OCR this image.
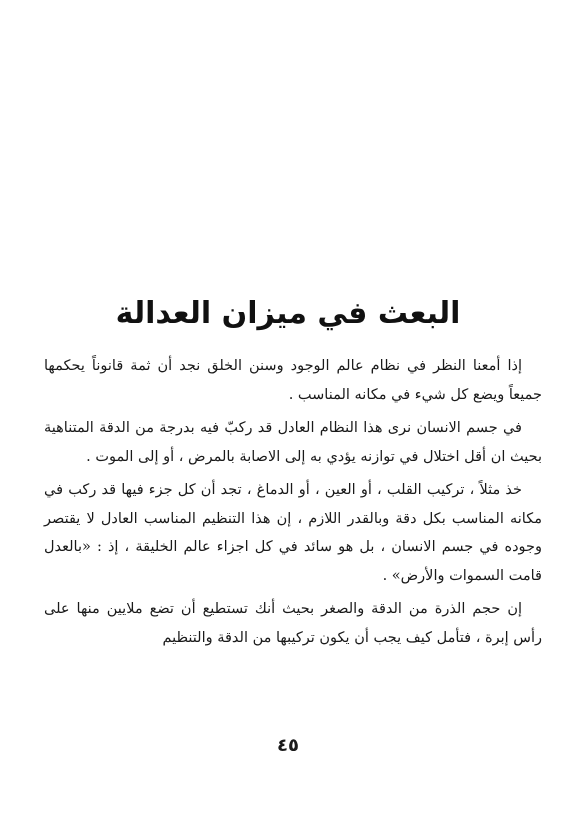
البعث في ميزان العدالة

إذا أمعنا النظر في نظام عالم الوجود وسنن الخلق نجد أن ثمة قانوناً يحكمها جميعاً ويضع كل شيء في مكانه المناسب .

في جسم الانسان نرى هذا النظام العادل قد ركبّ فيه بدرجة من الدقة المتناهية بحيث ان أقل اختلال في توازنه يؤدي به إلى الاصابة بالمرض ، أو إلى الموت .

خذ مثلاً ، تركيب القلب ، أو العين ، أو الدماغ ، تجد أن كل جزء فيها قد ركب في مكانه المناسب بكل دقة وبالقدر اللازم ، إن هذا التنظيم المناسب العادل لا يقتصر وجوده في جسم الانسان ، بل هو سائد في كل اجزاء عالم الخليقة ، إذ : «بالعدل قامت السموات والأرض» .

إن حجم الذرة من الدقة والصغر بحيث أنك تستطيع أن تضع ملايين منها على رأس إبرة ، فتأمل كيف يجب أن يكون تركيبها من الدقة والتنظيم

٤٥
